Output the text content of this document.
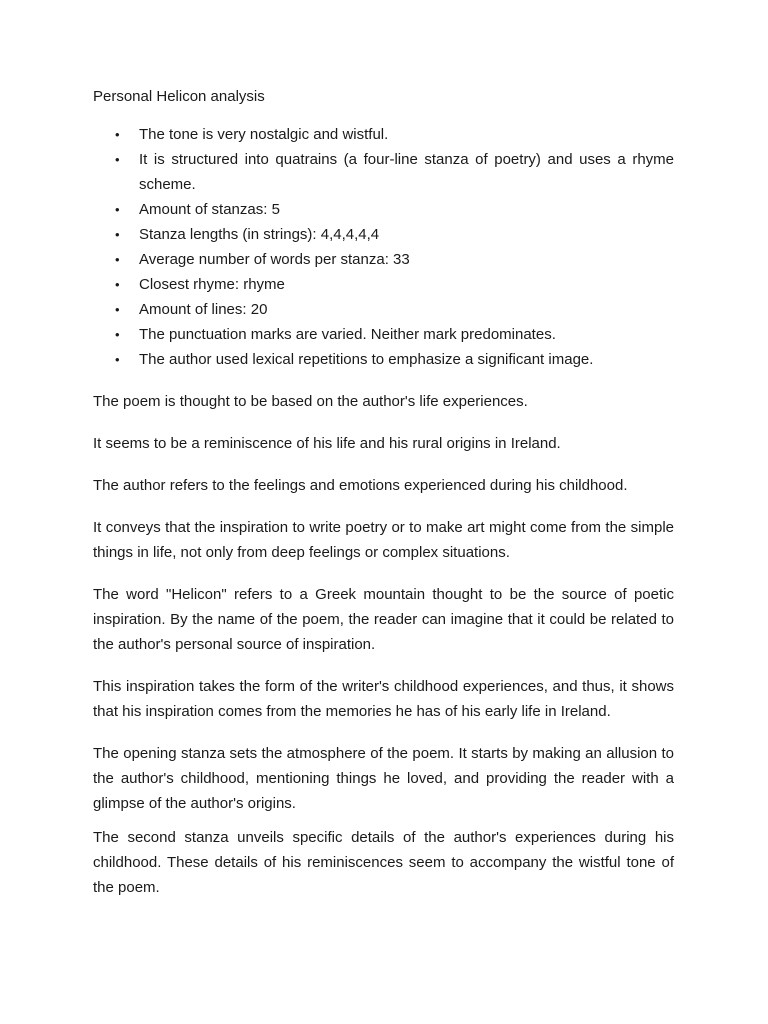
Personal Helicon analysis
• The tone is very nostalgic and wistful.
• It is structured into quatrains (a four-line stanza of poetry) and uses a rhyme scheme.
• Amount of stanzas: 5
• Stanza lengths (in strings): 4,4,4,4,4
• Average number of words per stanza: 33
• Closest rhyme: rhyme
• Amount of lines: 20
• The punctuation marks are varied. Neither mark predominates.
• The author used lexical repetitions to emphasize a significant image.

The poem is thought to be based on the author's life experiences.

It seems to be a reminiscence of his life and his rural origins in Ireland.

The author refers to the feelings and emotions experienced during his childhood.

It conveys that the inspiration to write poetry or to make art might come from the simple things in life, not only from deep feelings or complex situations.

The word "Helicon" refers to a Greek mountain thought to be the source of poetic inspiration. By the name of the poem, the reader can imagine that it could be related to the author's personal source of inspiration.

This inspiration takes the form of the writer's childhood experiences, and thus, it shows that his inspiration comes from the memories he has of his early life in Ireland.

The opening stanza sets the atmosphere of the poem. It starts by making an allusion to the author's childhood, mentioning things he loved, and providing the reader with a glimpse of the author's origins.

The second stanza unveils specific details of the author's experiences during his childhood. These details of his reminiscences seem to accompany the wistful tone of the poem.
